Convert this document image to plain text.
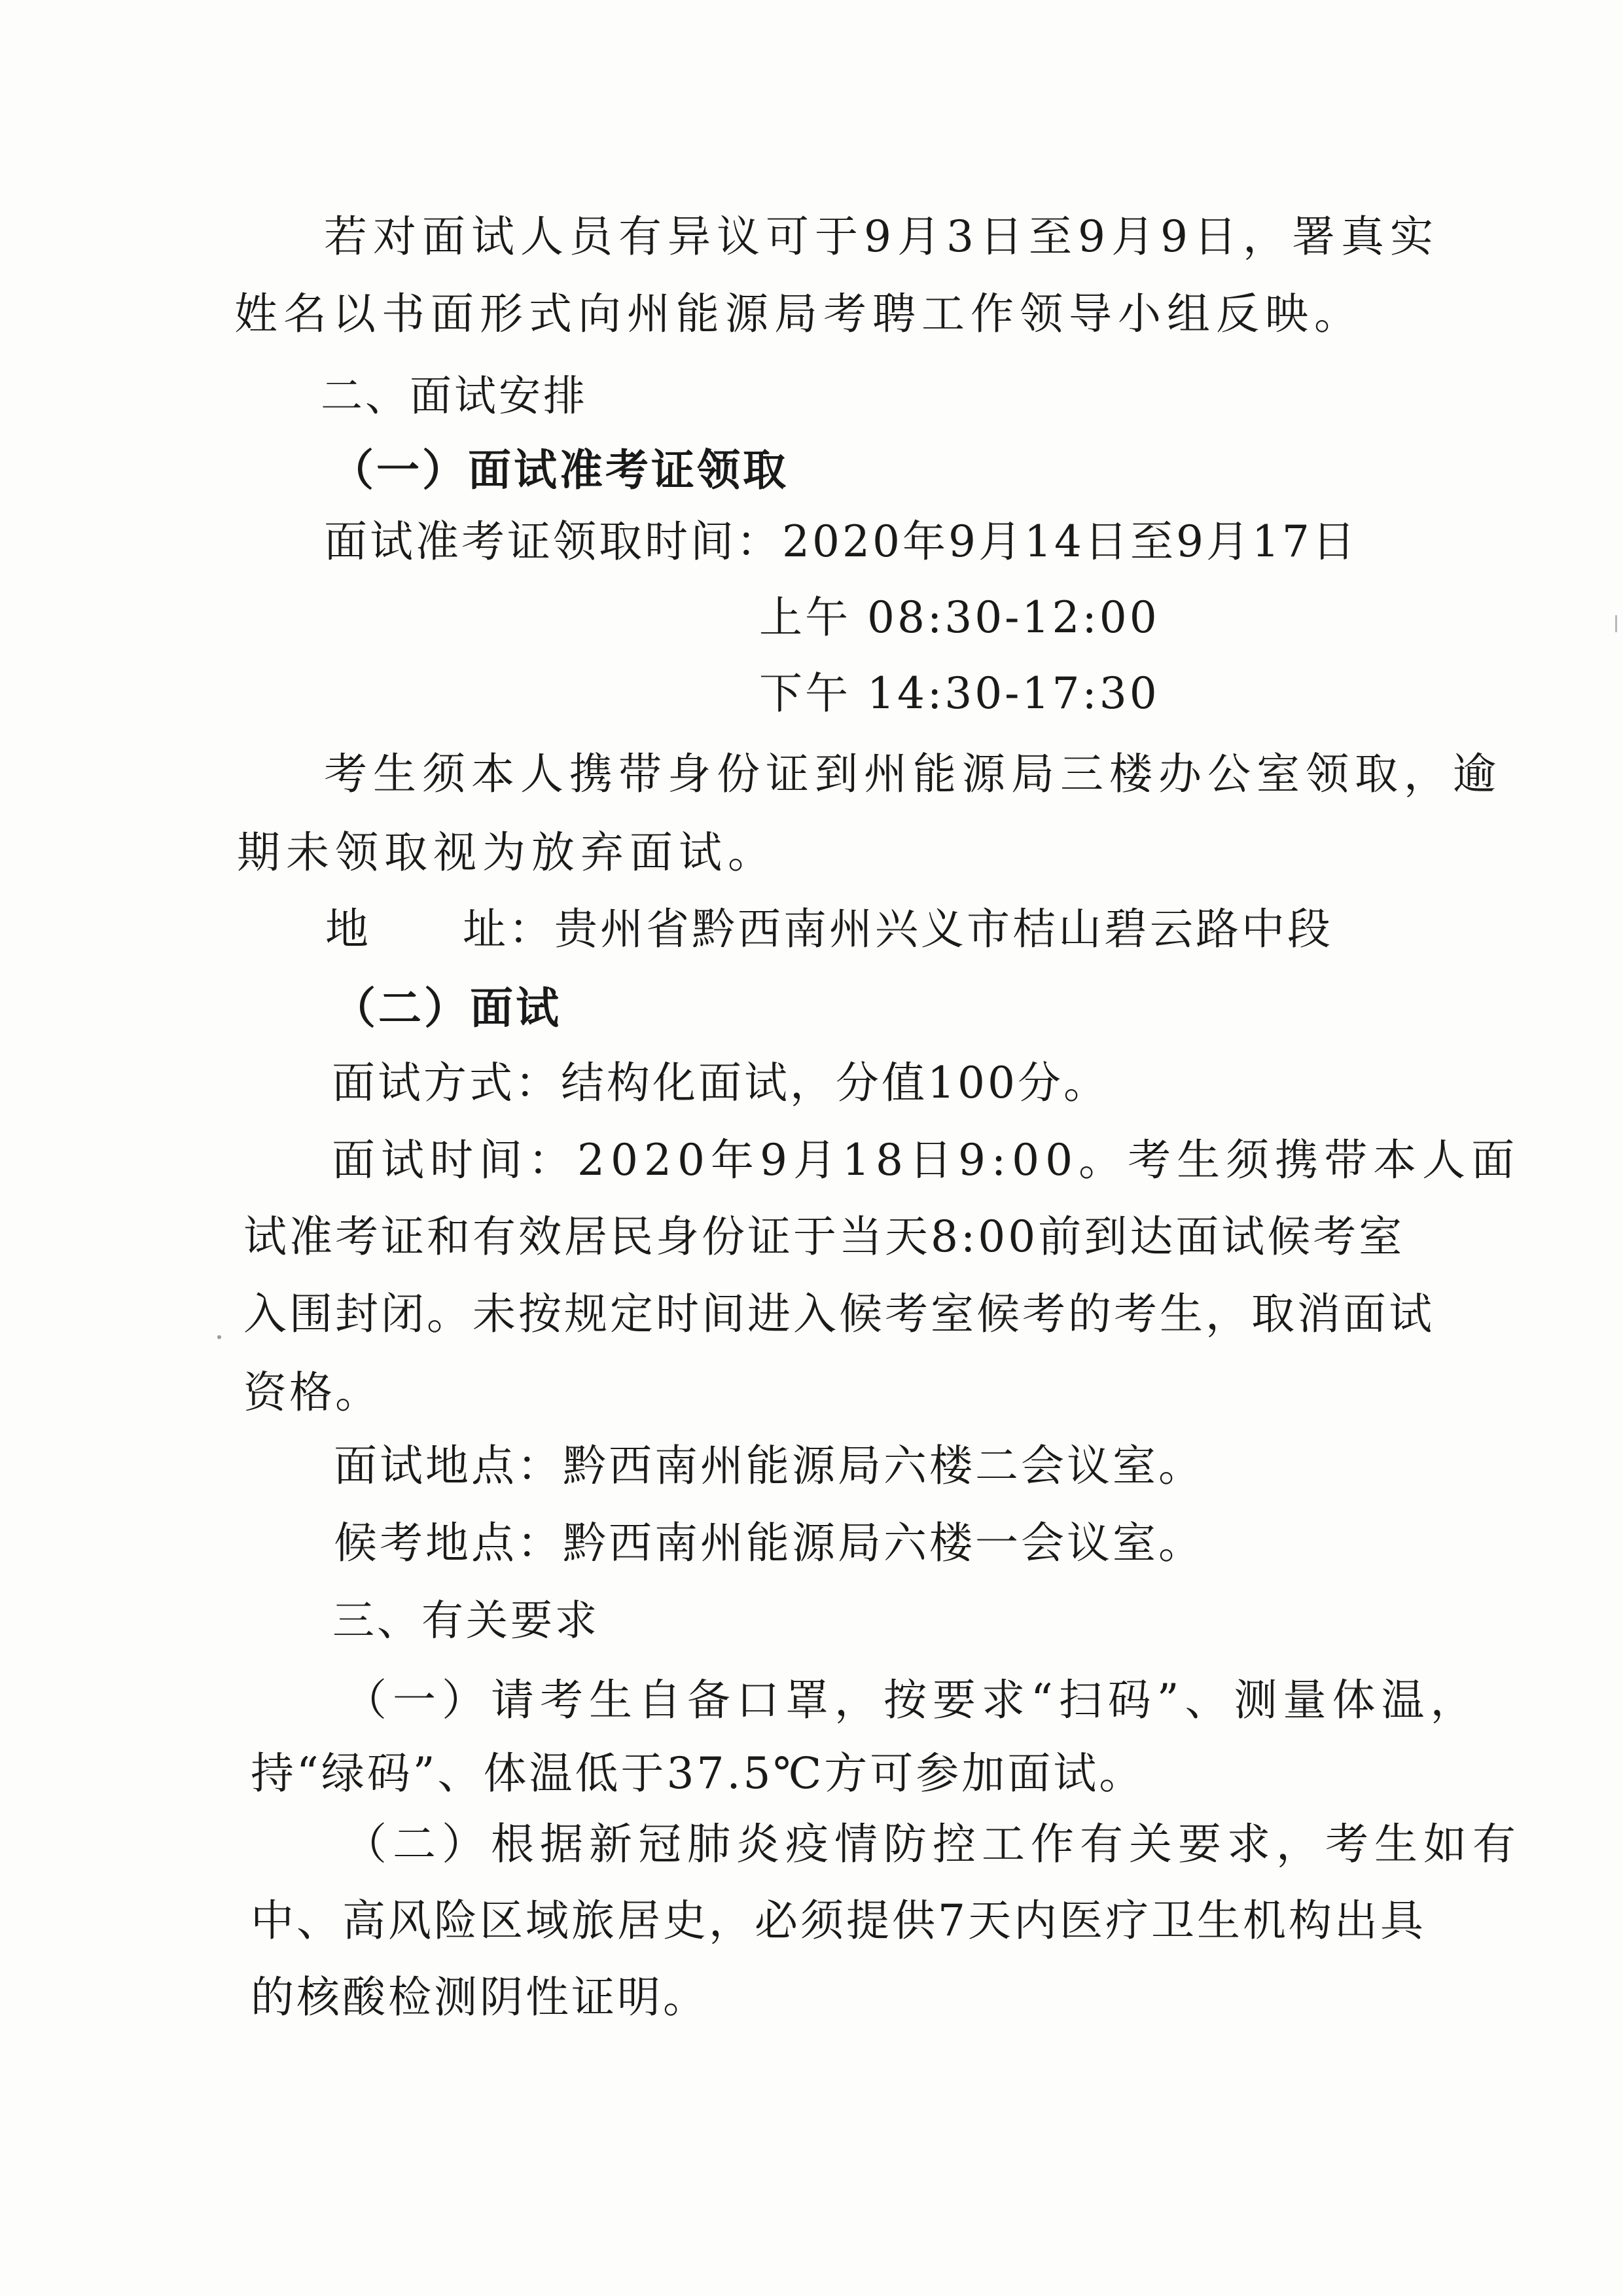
若对面试人员有异议可于9月3日至9月9日，署真实
姓名以书面形式向州能源局考聘工作领导小组反映。
二、面试安排
（一）面试准考证领取
面试准考证领取时间：2020年9月14日至9月17日
上午 08:30-12:00
下午 14:30-17:30
考生须本人携带身份证到州能源局三楼办公室领取，逾
期未领取视为放弃面试。
地　　址：贵州省黔西南州兴义市桔山碧云路中段
（二）面试
面试方式：结构化面试，分值100分。
面试时间：2020年9月18日9:00。考生须携带本人面
试准考证和有效居民身份证于当天8:00前到达面试候考室
入围封闭。未按规定时间进入候考室候考的考生，取消面试
资格。
面试地点：黔西南州能源局六楼二会议室。
候考地点：黔西南州能源局六楼一会议室。
三、有关要求
（一）请考生自备口罩，按要求“扫码”、测量体温，
持“绿码”、体温低于37.5℃方可参加面试。
（二）根据新冠肺炎疫情防控工作有关要求，考生如有
中、高风险区域旅居史，必须提供7天内医疗卫生机构出具
的核酸检测阴性证明。
